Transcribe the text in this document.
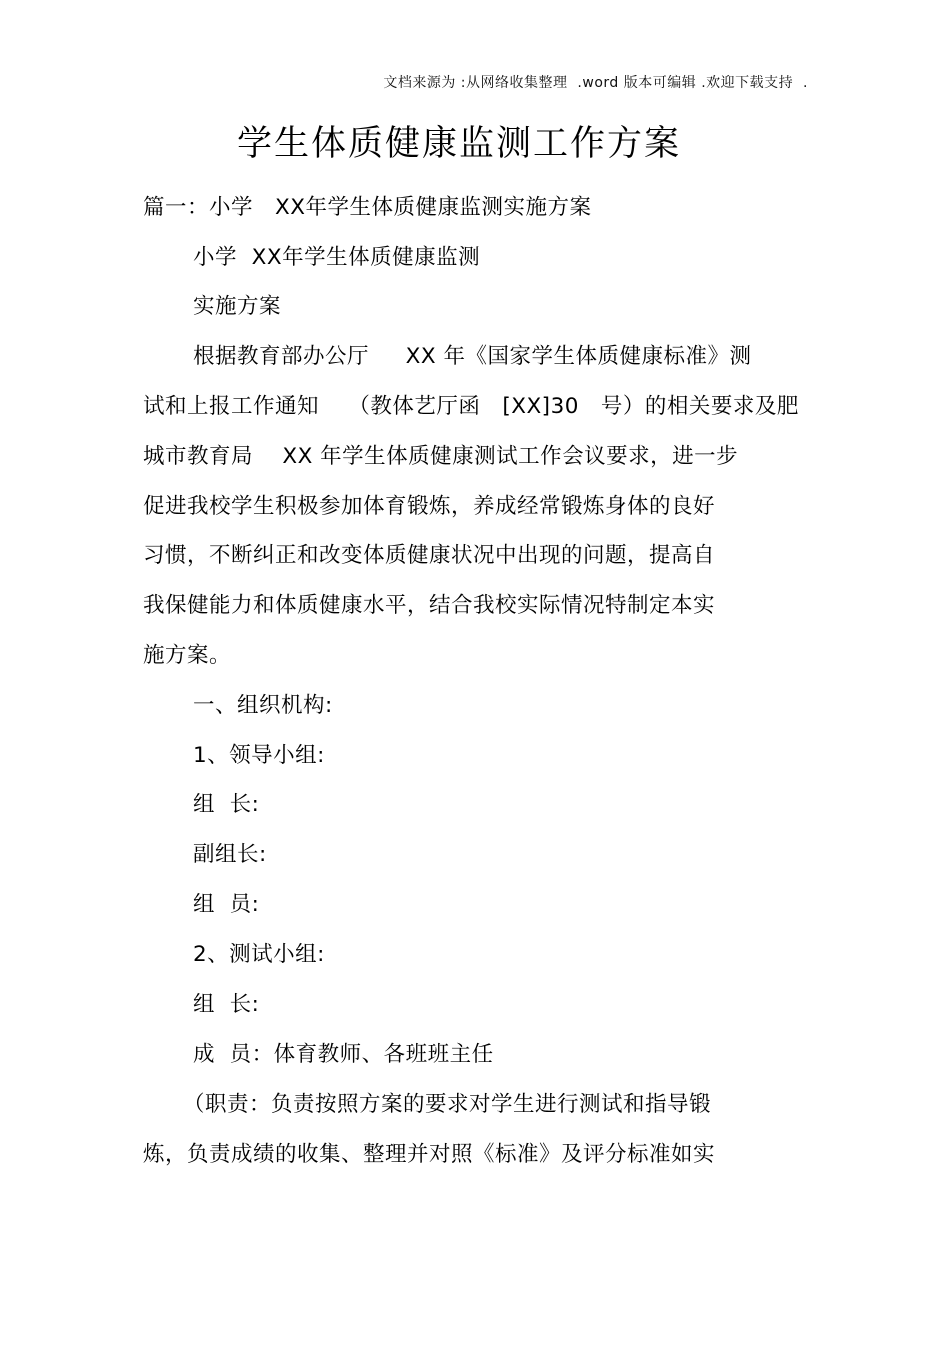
文档来源为 :从网络收集整理  .word 版本可编辑 .欢迎下载支持  .
学生体质健康监测工作方案
篇一：小学   XX年学生体质健康监测实施方案
小学  XX年学生体质健康监测
实施方案
根据教育部办公厅     XX 年《国家学生体质健康标准》测
试和上报工作通知    （教体艺厅函   [XX]30   号）的相关要求及肥
城市教育局    XX 年学生体质健康测试工作会议要求，进一步
促进我校学生积极参加体育锻炼，养成经常锻炼身体的良好
习惯，不断纠正和改变体质健康状况中出现的问题，提高自
我保健能力和体质健康水平，结合我校实际情况特制定本实
施方案。
一、组织机构:
1、领导小组:
组  长:
副组长:
组  员:
2、测试小组:
组  长:
成  员：体育教师、各班班主任
（职责：负责按照方案的要求对学生进行测试和指导锻
炼，负责成绩的收集、整理并对照《标准》及评分标准如实
